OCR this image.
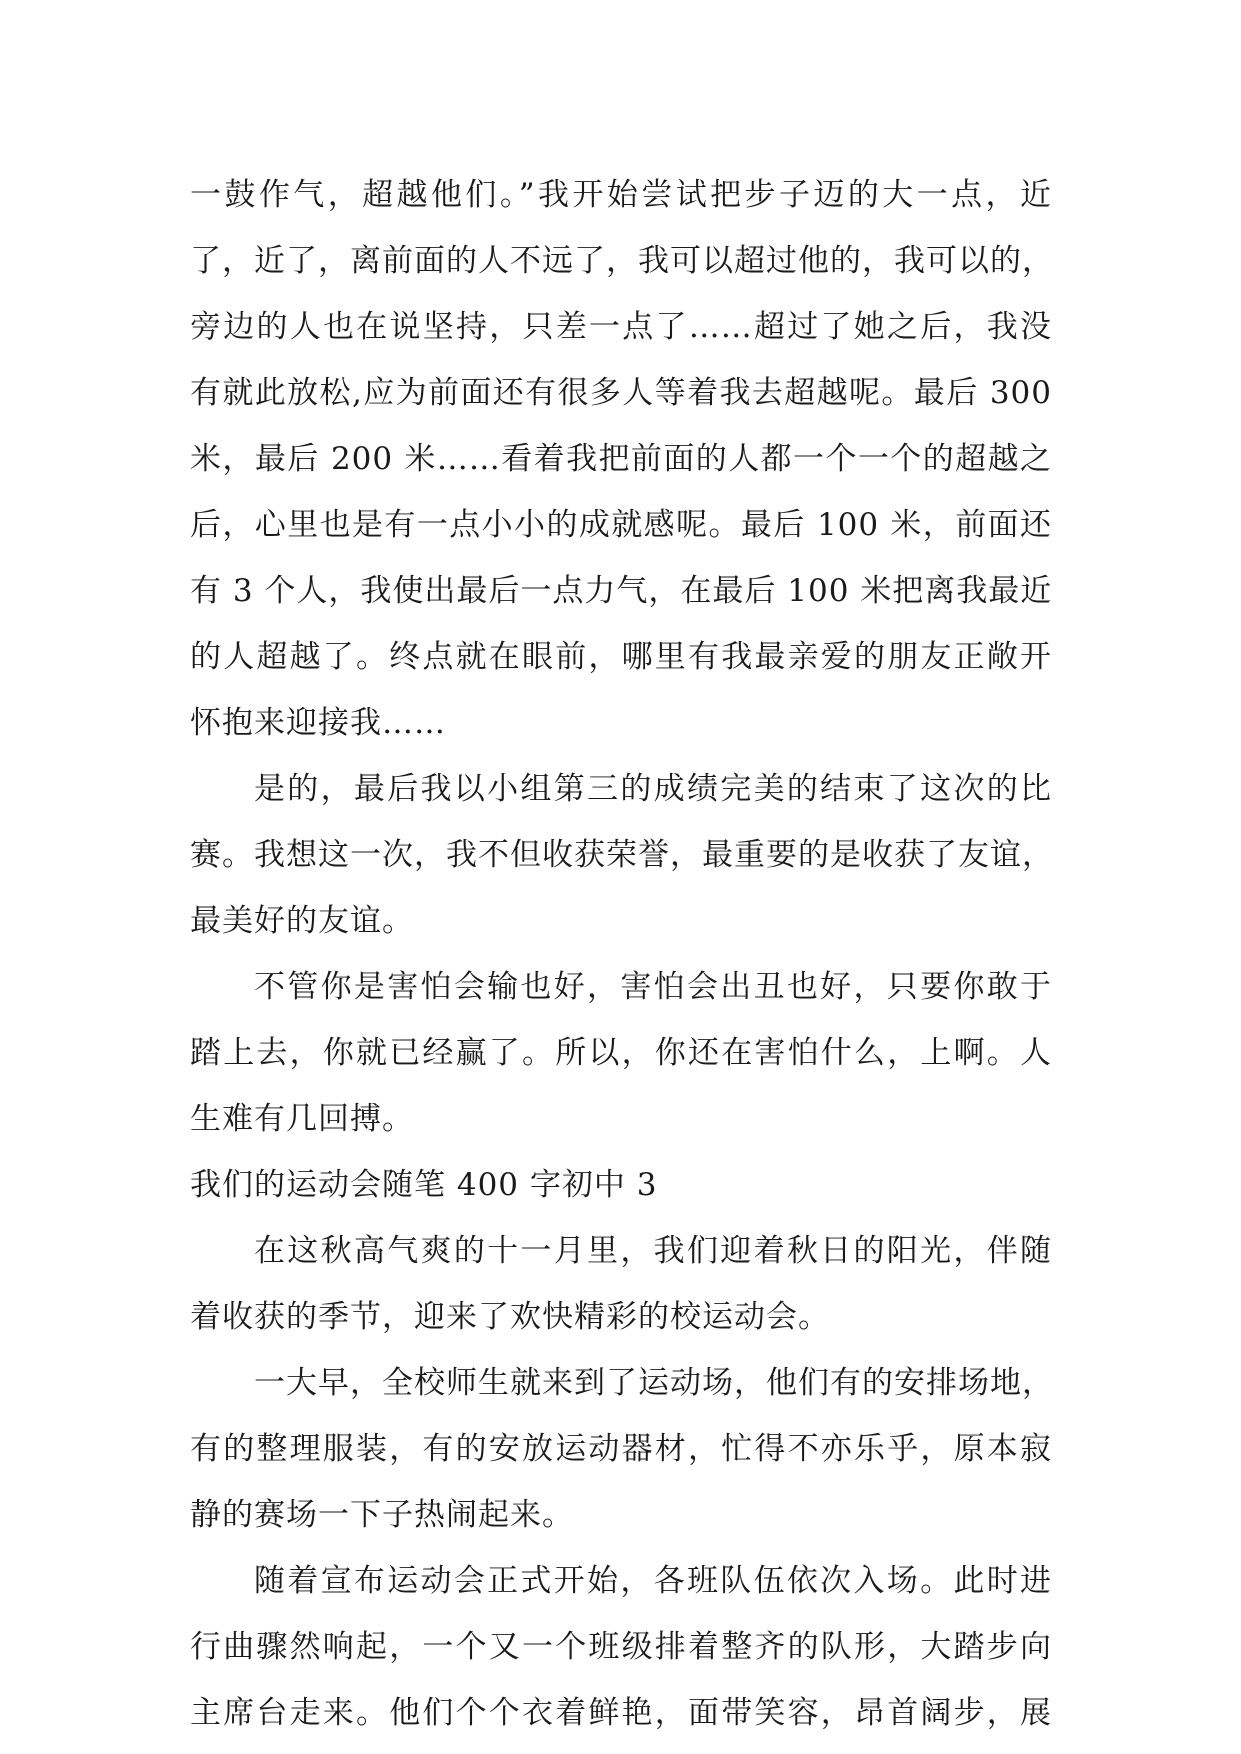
一鼓作气，超越他们。”我开始尝试把步子迈的大一点，近
了，近了，离前面的人不远了，我可以超过他的，我可以的，
旁边的人也在说坚持，只差一点了……超过了她之后，我没
有就此放松,应为前面还有很多人等着我去超越呢。最后 300
米，最后 200 米……看着我把前面的人都一个一个的超越之
后，心里也是有一点小小的成就感呢。最后 100 米，前面还
有 3 个人，我使出最后一点力气，在最后 100 米把离我最近
的人超越了。终点就在眼前，哪里有我最亲爱的朋友正敞开
怀抱来迎接我……
是的，最后我以小组第三的成绩完美的结束了这次的比
赛。我想这一次，我不但收获荣誉，最重要的是收获了友谊，
最美好的友谊。
不管你是害怕会输也好，害怕会出丑也好，只要你敢于
踏上去，你就已经赢了。所以，你还在害怕什么，上啊。人
生难有几回搏。
我们的运动会随笔 400 字初中 3
在这秋高气爽的十一月里，我们迎着秋日的阳光，伴随
着收获的季节，迎来了欢快精彩的校运动会。
一大早，全校师生就来到了运动场，他们有的安排场地，
有的整理服装，有的安放运动器材，忙得不亦乐乎，原本寂
静的赛场一下子热闹起来。
随着宣布运动会正式开始，各班队伍依次入场。此时进
行曲骤然响起，一个又一个班级排着整齐的队形，大踏步向
主席台走来。他们个个衣着鲜艳，面带笑容，昂首阔步，展
